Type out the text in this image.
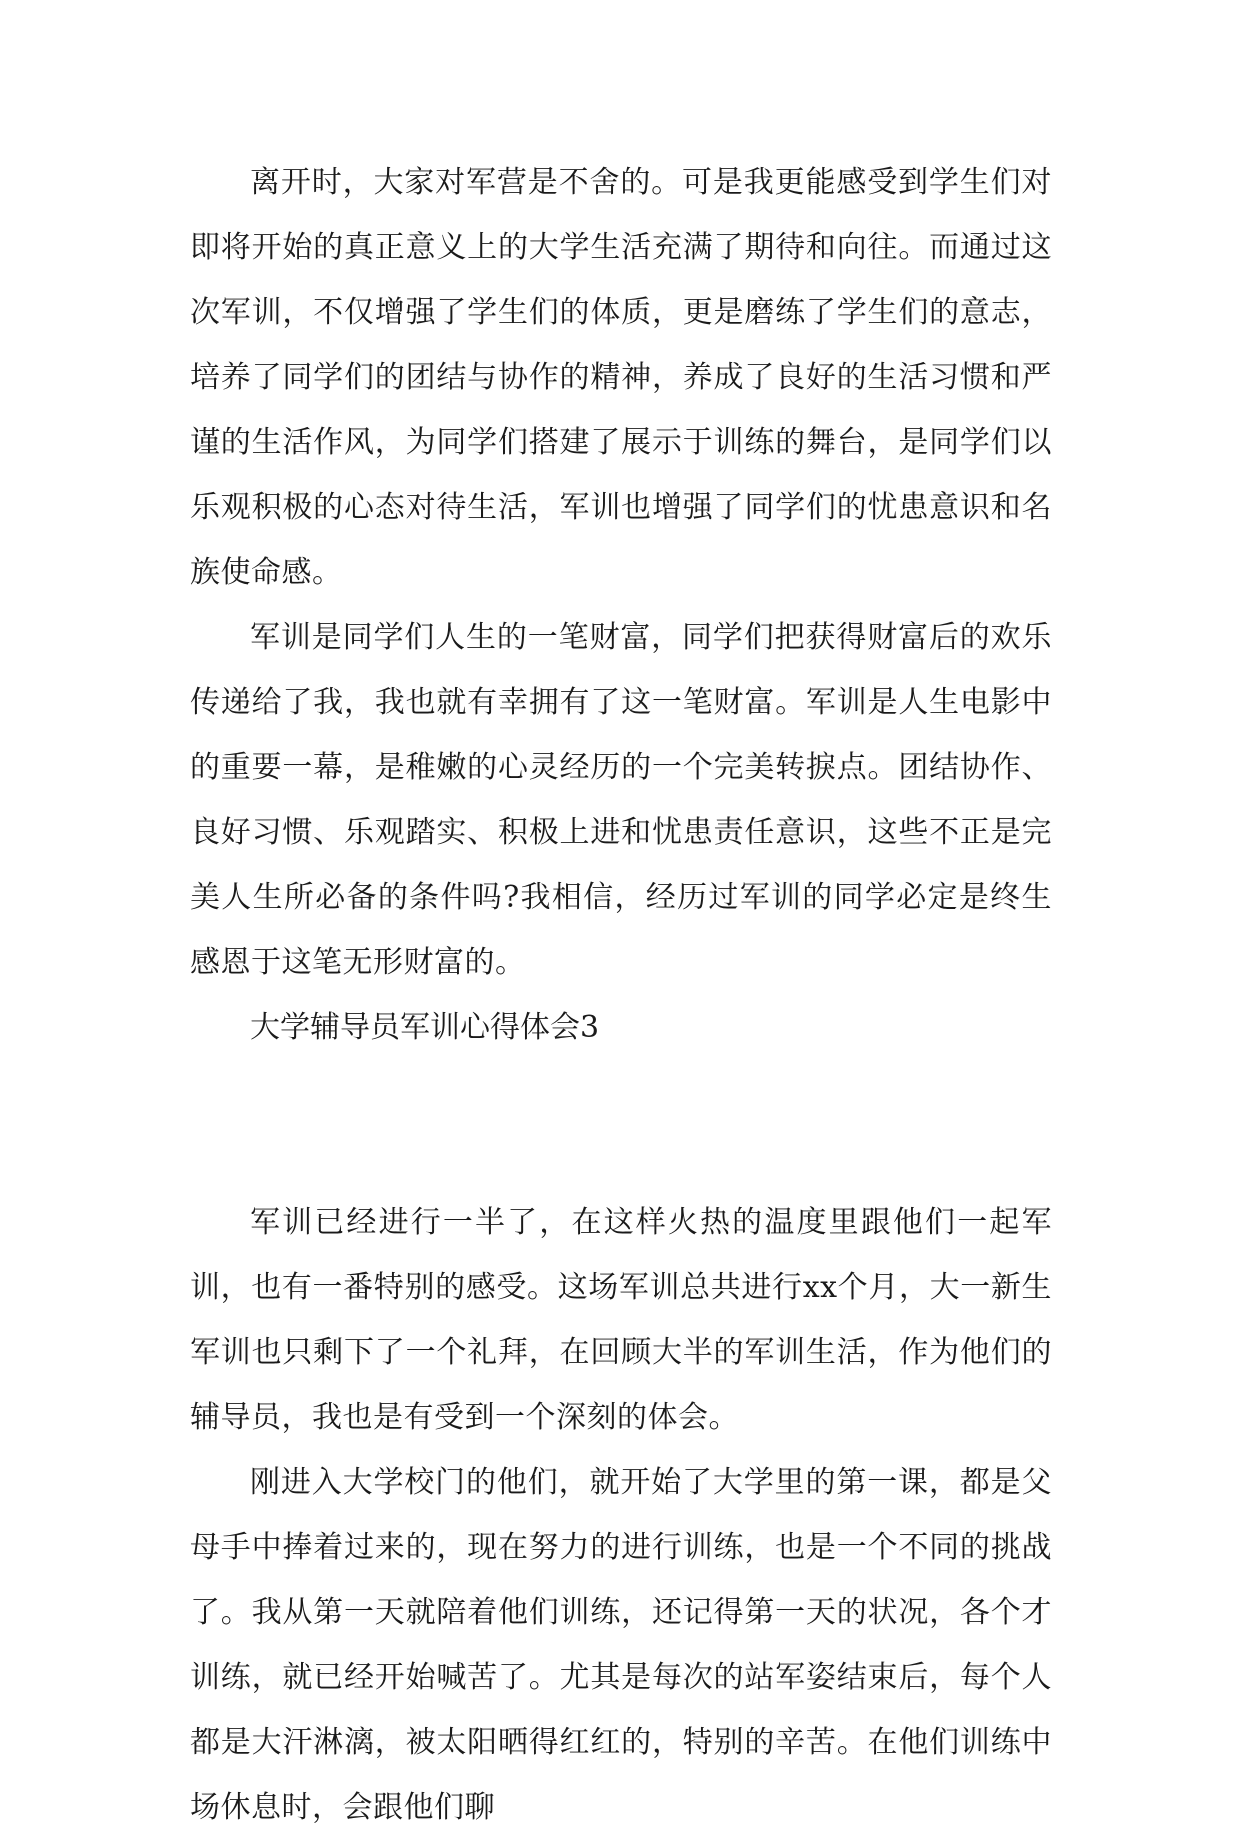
离开时，大家对军营是不舍的。可是我更能感受到学生们对即将开始的真正意义上的大学生活充满了期待和向往。而通过这次军训，不仅增强了学生们的体质，更是磨练了学生们的意志，培养了同学们的团结与协作的精神，养成了良好的生活习惯和严谨的生活作风，为同学们搭建了展示于训练的舞台，是同学们以乐观积极的心态对待生活，军训也增强了同学们的忧患意识和名族使命感。

军训是同学们人生的一笔财富，同学们把获得财富后的欢乐传递给了我，我也就有幸拥有了这一笔财富。军训是人生电影中的重要一幕，是稚嫩的心灵经历的一个完美转捩点。团结协作、良好习惯、乐观踏实、积极上进和忧患责任意识，这些不正是完美人生所必备的条件吗?我相信，经历过军训的同学必定是终生感恩于这笔无形财富的。

大学辅导员军训心得体会3

军训已经进行一半了，在这样火热的温度里跟他们一起军训，也有一番特别的感受。这场军训总共进行xx个月，大一新生军训也只剩下了一个礼拜，在回顾大半的军训生活，作为他们的辅导员，我也是有受到一个深刻的体会。

刚进入大学校门的他们，就开始了大学里的第一课，都是父母手中捧着过来的，现在努力的进行训练，也是一个不同的挑战了。我从第一天就陪着他们训练，还记得第一天的状况，各个才训练，就已经开始喊苦了。尤其是每次的站军姿结束后，每个人都是大汗淋漓，被太阳晒得红红的，特别的辛苦。在他们训练中场休息时，会跟他们聊
